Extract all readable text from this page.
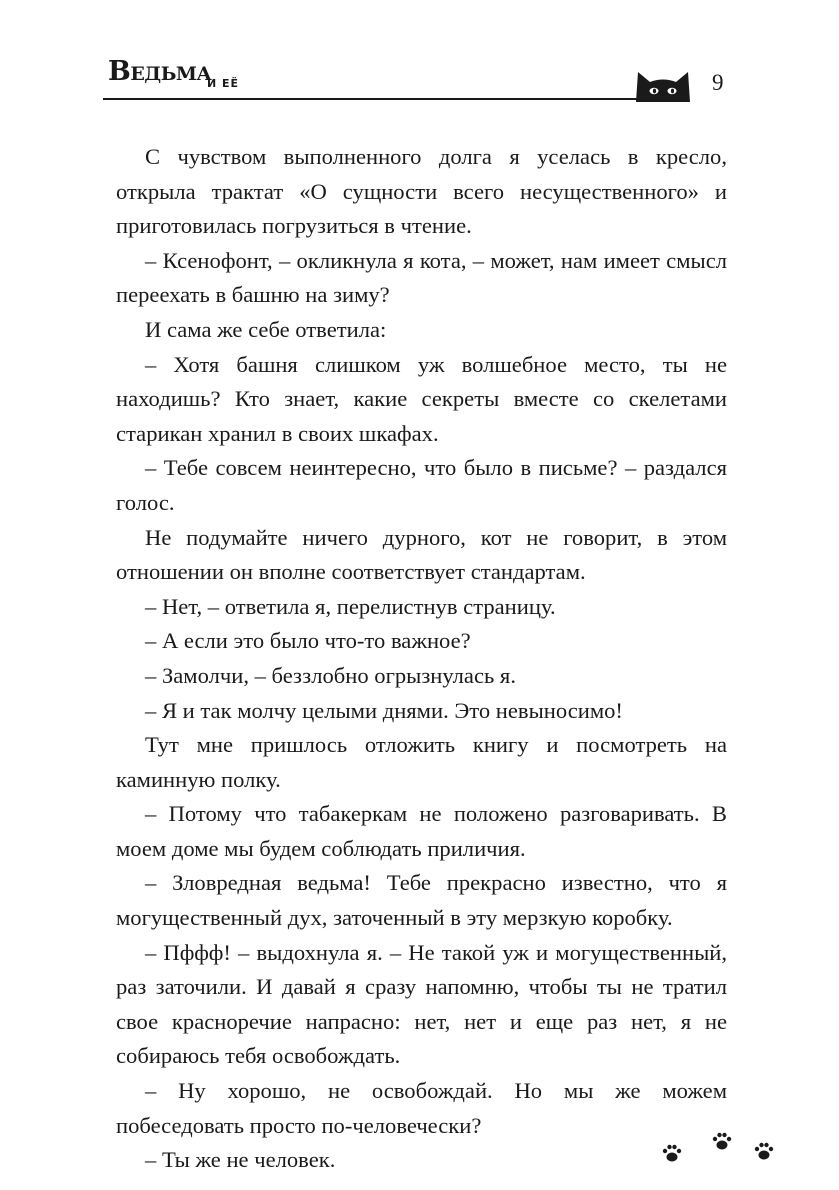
Ведьма
И ЕЁ	9

С чувством выполненного долга я уселась в кресло, открыла трактат «О сущности всего несущественного» и приготовилась погрузиться в чтение.

– Ксенофонт, – окликнула я кота, – может, нам имеет смысл переехать в башню на зиму?

И сама же себе ответила:

– Хотя башня слишком уж волшебное место, ты не находишь? Кто знает, какие секреты вместе со скелетами старикан хранил в своих шкафах.

– Тебе совсем неинтересно, что было в письме? – раздался голос.

Не подумайте ничего дурного, кот не говорит, в этом отношении он вполне соответствует стандартам.

– Нет, – ответила я, перелистнув страницу.

– А если это было что-то важное?

– Замолчи, – беззлобно огрызнулась я.

– Я и так молчу целыми днями. Это невыносимо!

Тут мне пришлось отложить книгу и посмотреть на каминную полку.

– Потому что табакеркам не положено разговаривать. В моем доме мы будем соблюдать приличия.

– Зловредная ведьма! Тебе прекрасно известно, что я могущественный дух, заточенный в эту мерзкую коробку.

– Пффф! – выдохнула я. – Не такой уж и могущественный, раз заточили. И давай я сразу напомню, чтобы ты не тратил свое красноречие напрасно: нет, нет и еще раз нет, я не собираюсь тебя освобождать.

– Ну хорошо, не освобождай. Но мы же можем побеседовать просто по-человечески?

– Ты же не человек.
